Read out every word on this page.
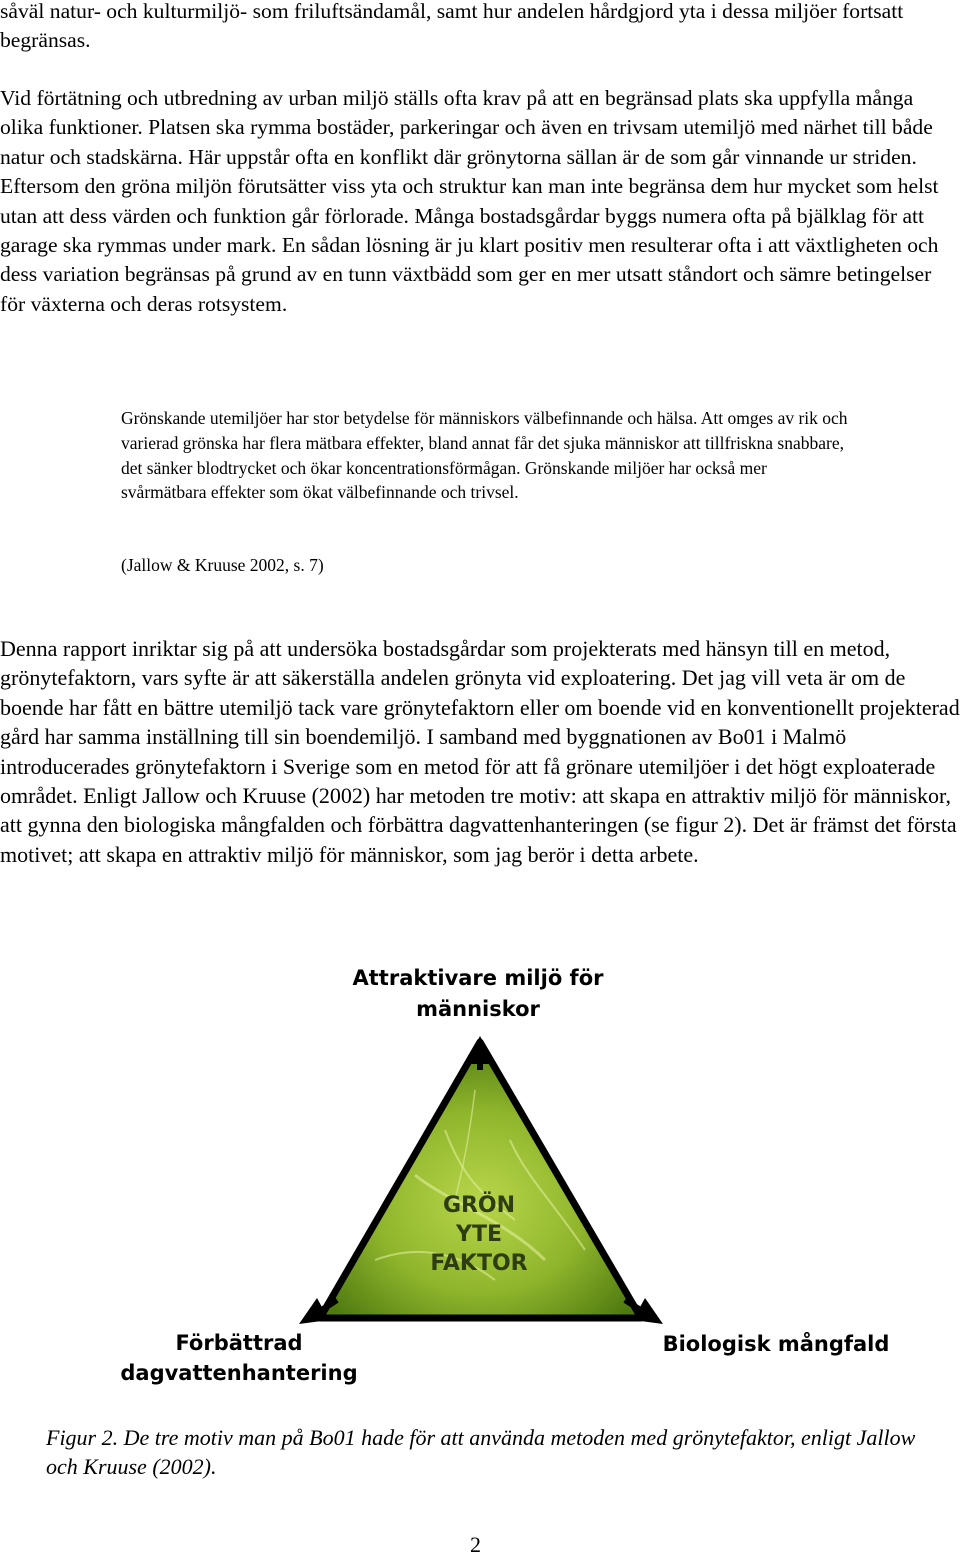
såväl natur- och kulturmiljö- som friluftsändamål, samt hur andelen hårdgjord yta i dessa miljöer fortsatt begränsas.

Vid förtätning och utbredning av urban miljö ställs ofta krav på att en begränsad plats ska uppfylla många olika funktioner. Platsen ska rymma bostäder, parkeringar och även en trivsam utemiljö med närhet till både natur och stadskärna. Här uppstår ofta en konflikt där grönytorna sällan är de som går vinnande ur striden. Eftersom den gröna miljön förutsätter viss yta och struktur kan man inte begränsa dem hur mycket som helst utan att dess värden och funktion går förlorade. Många bostadsgårdar byggs numera ofta på bjälklag för att garage ska rymmas under mark. En sådan lösning är ju klart positiv men resulterar ofta i att växtligheten och dess variation begränsas på grund av en tunn växtbädd som ger en mer utsatt ståndort och sämre betingelser för växterna och deras rotsystem.

Grönskande utemiljöer har stor betydelse för människors välbefinnande och hälsa. Att omges av rik och varierad grönska har flera mätbara effekter, bland annat får det sjuka människor att tillfriskna snabbare, det sänker blodtrycket och ökar koncentrationsförmågan. Grönskande miljöer har också mer svårmätbara effekter som ökat välbefinnande och trivsel.

(Jallow & Kruuse 2002, s. 7)

Denna rapport inriktar sig på att undersöka bostadsgårdar som projekterats med hänsyn till en metod, grönytefaktorn, vars syfte är att säkerställa andelen grönyta vid exploatering. Det jag vill veta är om de boende har fått en bättre utemiljö tack vare grönytefaktorn eller om boende vid en konventionellt projekterad gård har samma inställning till sin boendemiljö. I samband med byggnationen av Bo01 i Malmö introducerades grönytefaktorn i Sverige som en metod för att få grönare utemiljöer i det högt exploaterade området. Enligt Jallow och Kruuse (2002) har metoden tre motiv: att skapa en attraktiv miljö för människor, att gynna den biologiska mångfalden och förbättra dagvattenhanteringen (se figur 2). Det är främst det första motivet; att skapa en attraktiv miljö för människor, som jag berör i detta arbete.

Attraktivare miljö för
människor
GRÖN
YTE
FAKTOR
Förbättrad
dagvattenhantering
Biologisk mångfald

Figur 2. De tre motiv man på Bo01 hade för att använda metoden med grönytefaktor, enligt Jallow och Kruuse (2002).

2
